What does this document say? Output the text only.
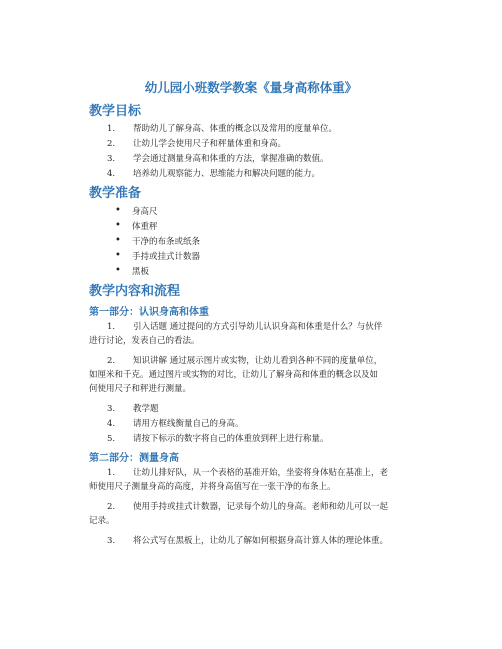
幼儿园小班数学教案《量身高称体重》
教学目标
1. 帮助幼儿了解身高、体重的概念以及常用的度量单位。
2. 让幼儿学会使用尺子和秤量体重和身高。
3. 学会通过测量身高和体重的方法，掌握准确的数值。
4. 培养幼儿观察能力、思维能力和解决问题的能力。
教学准备
• 身高尺
• 体重秤
• 干净的布条或纸条
• 手持或挂式计数器
• 黑板
教学内容和流程
第一部分：认识身高和体重
1.	引入话题 通过提问的方式引导幼儿认识身高和体重是什么？与伙伴
进行讨论，发表自己的看法。
2.	知识讲解 通过展示图片或实物，让幼儿看到各种不同的度量单位，
如厘米和千克。通过图片或实物的对比，让幼儿了解身高和体重的概念以及如
何使用尺子和秤进行测量。
3. 教学题
4. 请用方框线衡量自己的身高。
5. 请按下标示的数字将自己的体重放到秤上进行称量。
第二部分：测量身高
1.	让幼儿排好队，从一个表格的基准开始，坐姿将身体贴在基准上，老
师使用尺子测量身高的高度，并将身高值写在一张干净的布条上。
2.	使用手持或挂式计数器，记录每个幼儿的身高。老师和幼儿可以一起
记录。
3.	将公式写在黑板上，让幼儿了解如何根据身高计算人体的理论体重。
